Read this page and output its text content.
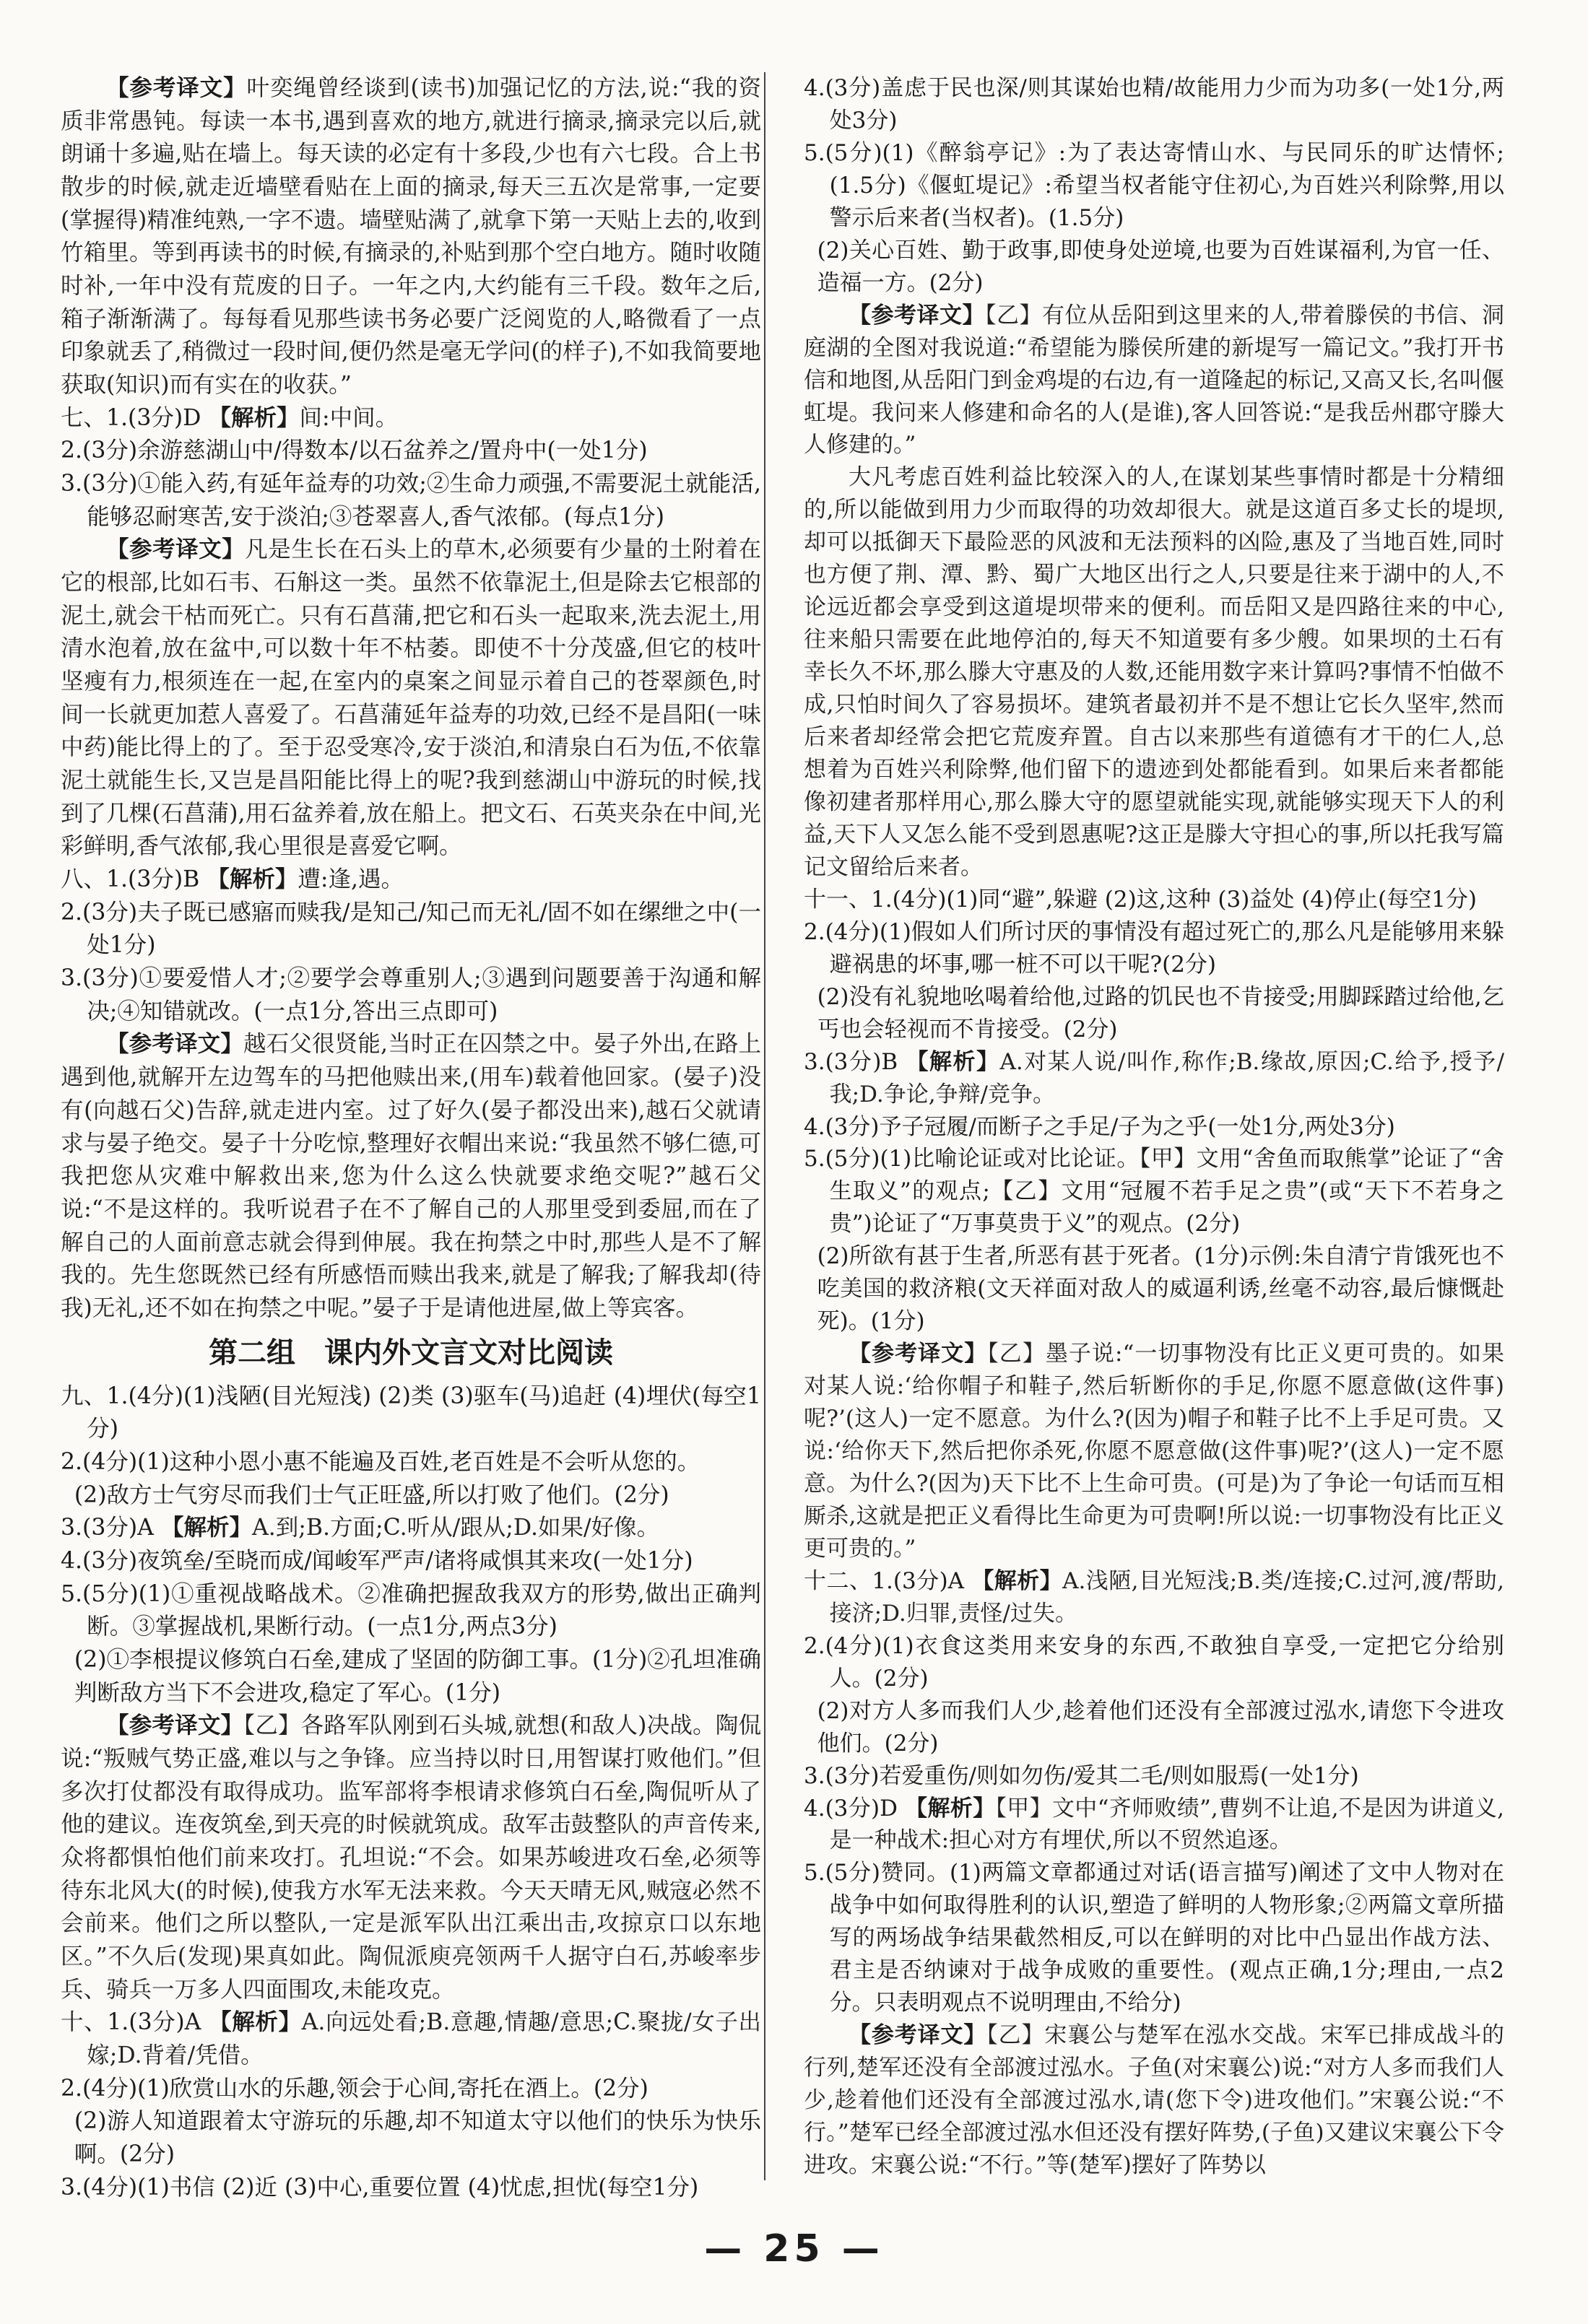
【参考译文】叶奕绳曾经谈到(读书)加强记忆的方法,说:“我的资质非常愚钝。每读一本书,遇到喜欢的地方,就进行摘录,摘录完以后,就朗诵十多遍,贴在墙上。每天读的必定有十多段,少也有六七段。合上书散步的时候,就走近墙壁看贴在上面的摘录,每天三五次是常事,一定要(掌握得)精准纯熟,一字不遗。墙壁贴满了,就拿下第一天贴上去的,收到竹箱里。等到再读书的时候,有摘录的,补贴到那个空白地方。随时收随时补,一年中没有荒废的日子。一年之内,大约能有三千段。数年之后,箱子渐渐满了。每每看见那些读书务必要广泛阅览的人,略微看了一点印象就丢了,稍微过一段时间,便仍然是毫无学问(的样子),不如我简要地获取(知识)而有实在的收获。”

七、1.(3分)D 【解析】间:中间。

2.(3分)余游慈湖山中/得数本/以石盆养之/置舟中(一处1分)

3.(3分)①能入药,有延年益寿的功效;②生命力顽强,不需要泥土就能活,能够忍耐寒苦,安于淡泊;③苍翠喜人,香气浓郁。(每点1分)

【参考译文】凡是生长在石头上的草木,必须要有少量的土附着在它的根部,比如石韦、石斛这一类。虽然不依靠泥土,但是除去它根部的泥土,就会干枯而死亡。只有石菖蒲,把它和石头一起取来,洗去泥土,用清水泡着,放在盆中,可以数十年不枯萎。即使不十分茂盛,但它的枝叶坚瘦有力,根须连在一起,在室内的桌案之间显示着自己的苍翠颜色,时间一长就更加惹人喜爱了。石菖蒲延年益寿的功效,已经不是昌阳(一味中药)能比得上的了。至于忍受寒冷,安于淡泊,和清泉白石为伍,不依靠泥土就能生长,又岂是昌阳能比得上的呢?我到慈湖山中游玩的时候,找到了几棵(石菖蒲),用石盆养着,放在船上。把文石、石英夹杂在中间,光彩鲜明,香气浓郁,我心里很是喜爱它啊。

八、1.(3分)B 【解析】遭:逢,遇。

2.(3分)夫子既已感寤而赎我/是知己/知己而无礼/固不如在缧绁之中(一处1分)

3.(3分)①要爱惜人才;②要学会尊重别人;③遇到问题要善于沟通和解决;④知错就改。(一点1分,答出三点即可)

【参考译文】越石父很贤能,当时正在囚禁之中。晏子外出,在路上遇到他,就解开左边驾车的马把他赎出来,(用车)载着他回家。(晏子)没有(向越石父)告辞,就走进内室。过了好久(晏子都没出来),越石父就请求与晏子绝交。晏子十分吃惊,整理好衣帽出来说:“我虽然不够仁德,可我把您从灾难中解救出来,您为什么这么快就要求绝交呢?”越石父说:“不是这样的。我听说君子在不了解自己的人那里受到委屈,而在了解自己的人面前意志就会得到伸展。我在拘禁之中时,那些人是不了解我的。先生您既然已经有所感悟而赎出我来,就是了解我;了解我却(待我)无礼,还不如在拘禁之中呢。”晏子于是请他进屋,做上等宾客。

第二组　课内外文言文对比阅读

九、1.(4分)(1)浅陋(目光短浅) (2)类 (3)驱车(马)追赶 (4)埋伏(每空1分)

2.(4分)(1)这种小恩小惠不能遍及百姓,老百姓是不会听从您的。

(2)敌方士气穷尽而我们士气正旺盛,所以打败了他们。(2分)

3.(3分)A 【解析】A.到;B.方面;C.听从/跟从;D.如果/好像。

4.(3分)夜筑垒/至晓而成/闻峻军严声/诸将咸惧其来攻(一处1分)

5.(5分)(1)①重视战略战术。②准确把握敌我双方的形势,做出正确判断。③掌握战机,果断行动。(一点1分,两点3分)

(2)①李根提议修筑白石垒,建成了坚固的防御工事。(1分)②孔坦准确判断敌方当下不会进攻,稳定了军心。(1分)

【参考译文】【乙】各路军队刚到石头城,就想(和敌人)决战。陶侃说:“叛贼气势正盛,难以与之争锋。应当持以时日,用智谋打败他们。”但多次打仗都没有取得成功。监军部将李根请求修筑白石垒,陶侃听从了他的建议。连夜筑垒,到天亮的时候就筑成。敌军击鼓整队的声音传来,众将都惧怕他们前来攻打。孔坦说:“不会。如果苏峻进攻石垒,必须等待东北风大(的时候),使我方水军无法来救。今天天晴无风,贼寇必然不会前来。他们之所以整队,一定是派军队出江乘出击,攻掠京口以东地区。”不久后(发现)果真如此。陶侃派庾亮领两千人据守白石,苏峻率步兵、骑兵一万多人四面围攻,未能攻克。

十、1.(3分)A 【解析】A.向远处看;B.意趣,情趣/意思;C.聚拢/女子出嫁;D.背着/凭借。

2.(4分)(1)欣赏山水的乐趣,领会于心间,寄托在酒上。(2分)

(2)游人知道跟着太守游玩的乐趣,却不知道太守以他们的快乐为快乐啊。(2分)

3.(4分)(1)书信 (2)近 (3)中心,重要位置 (4)忧虑,担忧(每空1分)

4.(3分)盖虑于民也深/则其谋始也精/故能用力少而为功多(一处1分,两处3分)

5.(5分)(1)《醉翁亭记》:为了表达寄情山水、与民同乐的旷达情怀;(1.5分)《偃虹堤记》:希望当权者能守住初心,为百姓兴利除弊,用以警示后来者(当权者)。(1.5分)

(2)关心百姓、勤于政事,即使身处逆境,也要为百姓谋福利,为官一任、造福一方。(2分)

【参考译文】【乙】有位从岳阳到这里来的人,带着滕侯的书信、洞庭湖的全图对我说道:“希望能为滕侯所建的新堤写一篇记文。”我打开书信和地图,从岳阳门到金鸡堤的右边,有一道隆起的标记,又高又长,名叫偃虹堤。我问来人修建和命名的人(是谁),客人回答说:“是我岳州郡守滕大人修建的。”

大凡考虑百姓利益比较深入的人,在谋划某些事情时都是十分精细的,所以能做到用力少而取得的功效却很大。就是这道百多丈长的堤坝,却可以抵御天下最险恶的风波和无法预料的凶险,惠及了当地百姓,同时也方便了荆、潭、黔、蜀广大地区出行之人,只要是往来于湖中的人,不论远近都会享受到这道堤坝带来的便利。而岳阳又是四路往来的中心,往来船只需要在此地停泊的,每天不知道要有多少艘。如果坝的土石有幸长久不坏,那么滕大守惠及的人数,还能用数字来计算吗?事情不怕做不成,只怕时间久了容易损坏。建筑者最初并不是不想让它长久坚牢,然而后来者却经常会把它荒废弃置。自古以来那些有道德有才干的仁人,总想着为百姓兴利除弊,他们留下的遗迹到处都能看到。如果后来者都能像初建者那样用心,那么滕大守的愿望就能实现,就能够实现天下人的利益,天下人又怎么能不受到恩惠呢?这正是滕大守担心的事,所以托我写篇记文留给后来者。

十一、1.(4分)(1)同“避”,躲避 (2)这,这种 (3)益处 (4)停止(每空1分)

2.(4分)(1)假如人们所讨厌的事情没有超过死亡的,那么凡是能够用来躲避祸患的坏事,哪一桩不可以干呢?(2分)

(2)没有礼貌地吆喝着给他,过路的饥民也不肯接受;用脚踩踏过给他,乞丐也会轻视而不肯接受。(2分)

3.(3分)B 【解析】A.对某人说/叫作,称作;B.缘故,原因;C.给予,授予/我;D.争论,争辩/竞争。

4.(3分)予子冠履/而断子之手足/子为之乎(一处1分,两处3分)

5.(5分)(1)比喻论证或对比论证。【甲】文用“舍鱼而取熊掌”论证了“舍生取义”的观点;【乙】文用“冠履不若手足之贵”(或“天下不若身之贵”)论证了“万事莫贵于义”的观点。(2分)

(2)所欲有甚于生者,所恶有甚于死者。(1分)示例:朱自清宁肯饿死也不吃美国的救济粮(文天祥面对敌人的威逼利诱,丝毫不动容,最后慷慨赴死)。(1分)

【参考译文】【乙】墨子说:“一切事物没有比正义更可贵的。如果对某人说:‘给你帽子和鞋子,然后斩断你的手足,你愿不愿意做(这件事)呢?’(这人)一定不愿意。为什么?(因为)帽子和鞋子比不上手足可贵。又说:‘给你天下,然后把你杀死,你愿不愿意做(这件事)呢?’(这人)一定不愿意。为什么?(因为)天下比不上生命可贵。(可是)为了争论一句话而互相厮杀,这就是把正义看得比生命更为可贵啊!所以说:一切事物没有比正义更可贵的。”

十二、1.(3分)A 【解析】A.浅陋,目光短浅;B.类/连接;C.过河,渡/帮助,接济;D.归罪,责怪/过失。

2.(4分)(1)衣食这类用来安身的东西,不敢独自享受,一定把它分给别人。(2分)

(2)对方人多而我们人少,趁着他们还没有全部渡过泓水,请您下令进攻他们。(2分)

3.(3分)若爱重伤/则如勿伤/爱其二毛/则如服焉(一处1分)

4.(3分)D 【解析】【甲】文中“齐师败绩”,曹刿不让追,不是因为讲道义,是一种战术:担心对方有埋伏,所以不贸然追逐。

5.(5分)赞同。(1)两篇文章都通过对话(语言描写)阐述了文中人物对在战争中如何取得胜利的认识,塑造了鲜明的人物形象;②两篇文章所描写的两场战争结果截然相反,可以在鲜明的对比中凸显出作战方法、君主是否纳谏对于战争成败的重要性。(观点正确,1分;理由,一点2分。只表明观点不说明理由,不给分)

【参考译文】【乙】宋襄公与楚军在泓水交战。宋军已排成战斗的行列,楚军还没有全部渡过泓水。子鱼(对宋襄公)说:“对方人多而我们人少,趁着他们还没有全部渡过泓水,请(您下令)进攻他们。”宋襄公说:“不行。”楚军已经全部渡过泓水但还没有摆好阵势,(子鱼)又建议宋襄公下令进攻。宋襄公说:“不行。”等(楚军)摆好了阵势以

— 25 —
